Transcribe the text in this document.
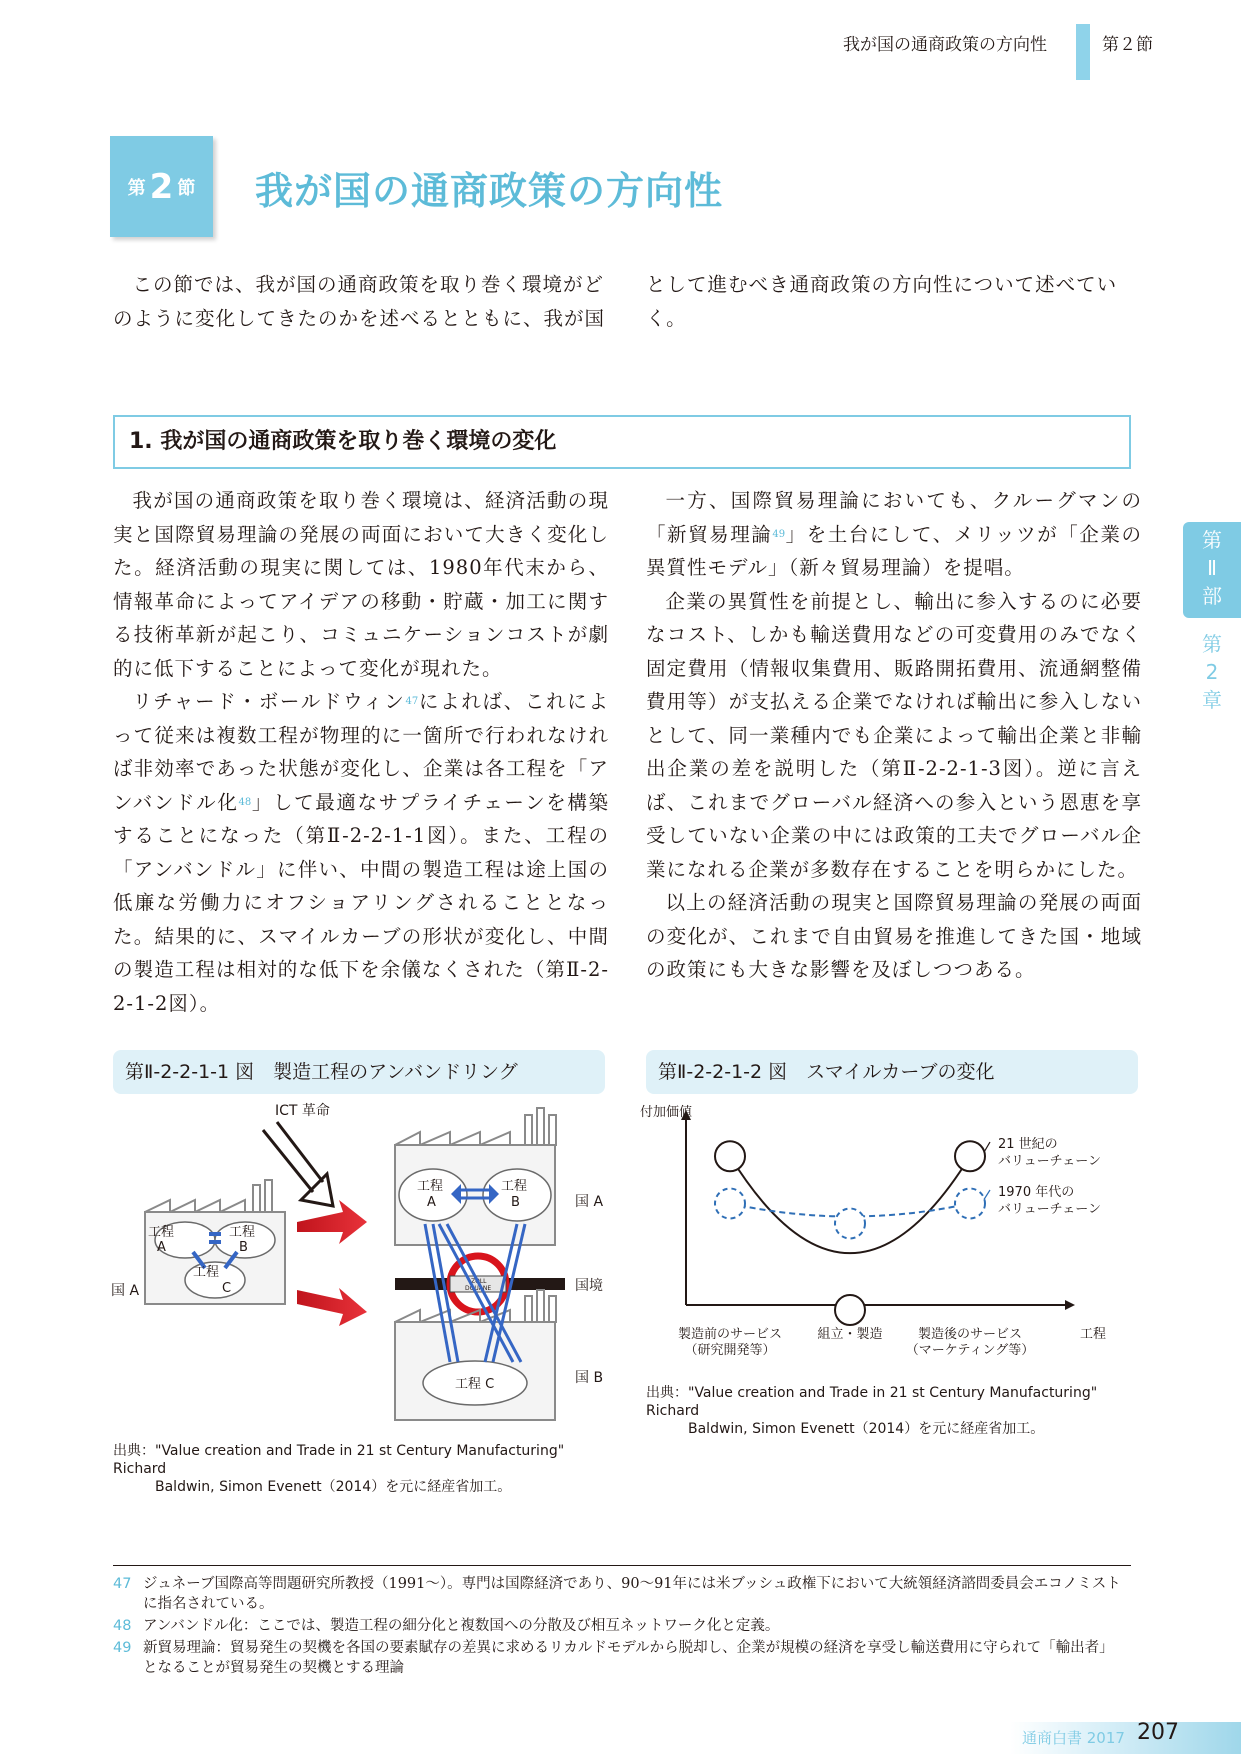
我が国の通商政策の方向性	第２節
第 2 節 我が国の通商政策の方向性
この節では、我が国の通商政策を取り巻く環境がど
のように変化してきたのかを述べるとともに、我が国
として進むべき通商政策の方向性について述べていく。
1. 我が国の通商政策を取り巻く環境の変化

我が国の通商政策を取り巻く環境は、経済活動の現実と国際貿易理論の発展の両面において大きく変化した。経済活動の現実に関しては、1980年代末から、情報革命によってアイデアの移動・貯蔵・加工に関する技術革新が起こり、コミュニケーションコストが劇的に低下することによって変化が現れた。

リチャード・ボールドウィン$^{47}$によれば、これによって従来は複数工程が物理的に一箇所で行われなければ非効率であった状態が変化し、企業は各工程を「アンバンドル化$^{48}$」して最適なサプライチェーンを構築することになった（第Ⅱ-2-2-1-1図）。また、工程の「アンバンドル」に伴い、中間の製造工程は途上国の低廉な労働力にオフショアリングされることとなった。結果的に、スマイルカーブの形状が変化し、中間の製造工程は相対的な低下を余儀なくされた（第Ⅱ-2-2-1-2図）。

一方、国際貿易理論においても、クルーグマンの「新貿易理論$^{49}$」を土台にして、メリッツが「企業の異質性モデル」（新々貿易理論）を提唱。

企業の異質性を前提とし、輸出に参入するのに必要なコスト、しかも輸送費用などの可変費用のみでなく固定費用（情報収集費用、販路開拓費用、流通網整備費用等）が支払える企業でなければ輸出に参入しないとして、同一業種内でも企業によって輸出企業と非輸出企業の差を説明した（第Ⅱ-2-2-1-3図）。逆に言えば、これまでグローバル経済への参入という恩恵を享受していない企業の中には政策的工夫でグローバル企業になれる企業が多数存在することを明らかにした。

以上の経済活動の現実と国際貿易理論の発展の両面の変化が、これまで自由貿易を推進してきた国・地域の政策にも大きな影響を及ぼしつつある。

第Ⅱ-2-2-1-1 図　製造工程のアンバンドリング
ICT 革命
工程
A
工程
B
工程
C
国 A
工程
A
工程
B	国 A
国境
ZOLL
DOUANE
工程 C	国 B
出典："Value creation and Trade in 21 st Century Manufacturing" Richard
Baldwin, Simon Evenett（2014）を元に経産省加工。
第Ⅱ-2-2-1-2 図　スマイルカーブの変化
付加価値
工程
製造前のサービス
（研究開発等）
組立・製造	製造後のサービス
（マーケティング等）
21 世紀の
バリューチェーン
1970 年代の
バリューチェーン
出典："Value creation and Trade in 21 st Century Manufacturing" Richard
Baldwin, Simon Evenett（2014）を元に経産省加工。
47 ジュネーブ国際高等問題研究所教授（1991～）。専門は国際経済であり、90～91年には米ブッシュ政権下において大統領経済諮問委員会エコノミストに指名されている。
48 アンバンドル化：ここでは、製造工程の細分化と複数国への分散及び相互ネットワーク化と定義。
49 新貿易理論：貿易発生の契機を各国の要素賦存の差異に求めるリカルドモデルから脱却し、企業が規模の経済を享受し輸送費用に守られて「輸出者」となることが貿易発生の契機とする理論
第
Ⅱ
部
第
2
章
通商白書 2017 207
